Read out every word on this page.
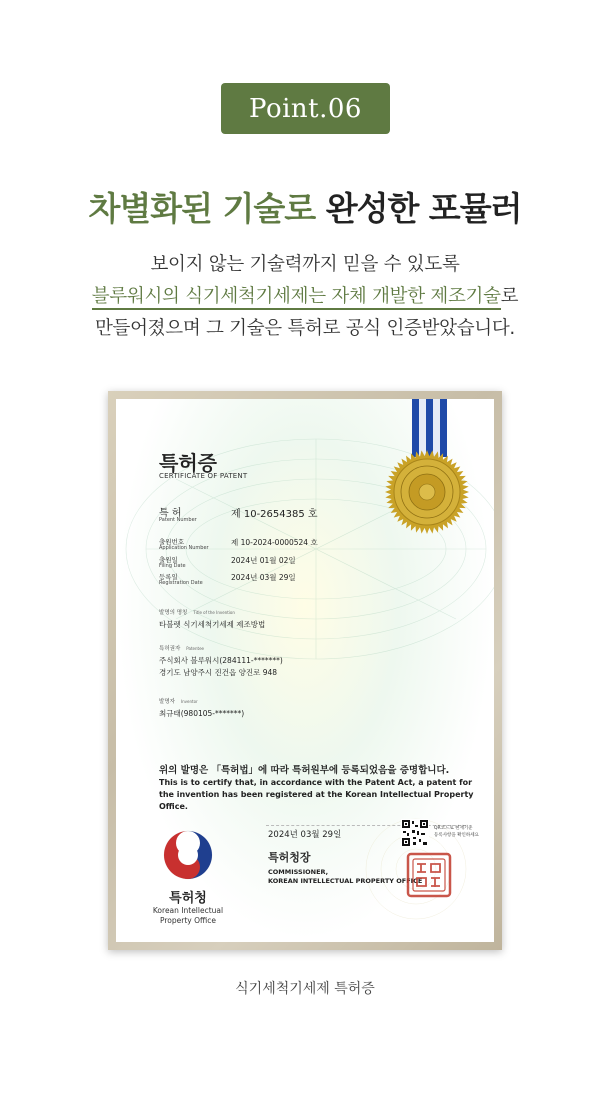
Point.06
차별화된 기술로 완성한 포뮬러
보이지 않는 기술력까지 믿을 수 있도록
블루워시의 식기세척기세제는 자체 개발한 제조기술로
만들어졌으며 그 기술은 특허로 공식 인증받았습니다.
특허증
CERTIFICATE OF PATENT
특 허
Patent Number	제 10-2654385 호
출원번호
Application Number
제 10-2024-0000524 호
출원일
Filing Date
2024년 01월 02일
등록일
Registration Date
2024년 03월 29일
발명의 명칭 Title of the Invention
타블렛 식기세척기세제 제조방법
특허권자 Patentee
주식회사 블루워시(284111-*******)
경기도 남양주시 진건읍 양진로 948
발명자 Inventor
최규태(980105-*******)
위의 발명은 「특허법」에 따라 특허원부에 등록되었음을 증명합니다.
This is to certify that, in accordance with the Patent Act, a patent for the invention has been registered at the Korean Intellectual Property Office.
특허청
Korean Intellectual
Property Office
2024년 03월 29일
특허청장
COMMISSIONER,
KOREAN INTELLECTUAL PROPERTY OFFICE
QR코드로 현재기준
등록사항을 확인하세요
식기세척기세제 특허증
